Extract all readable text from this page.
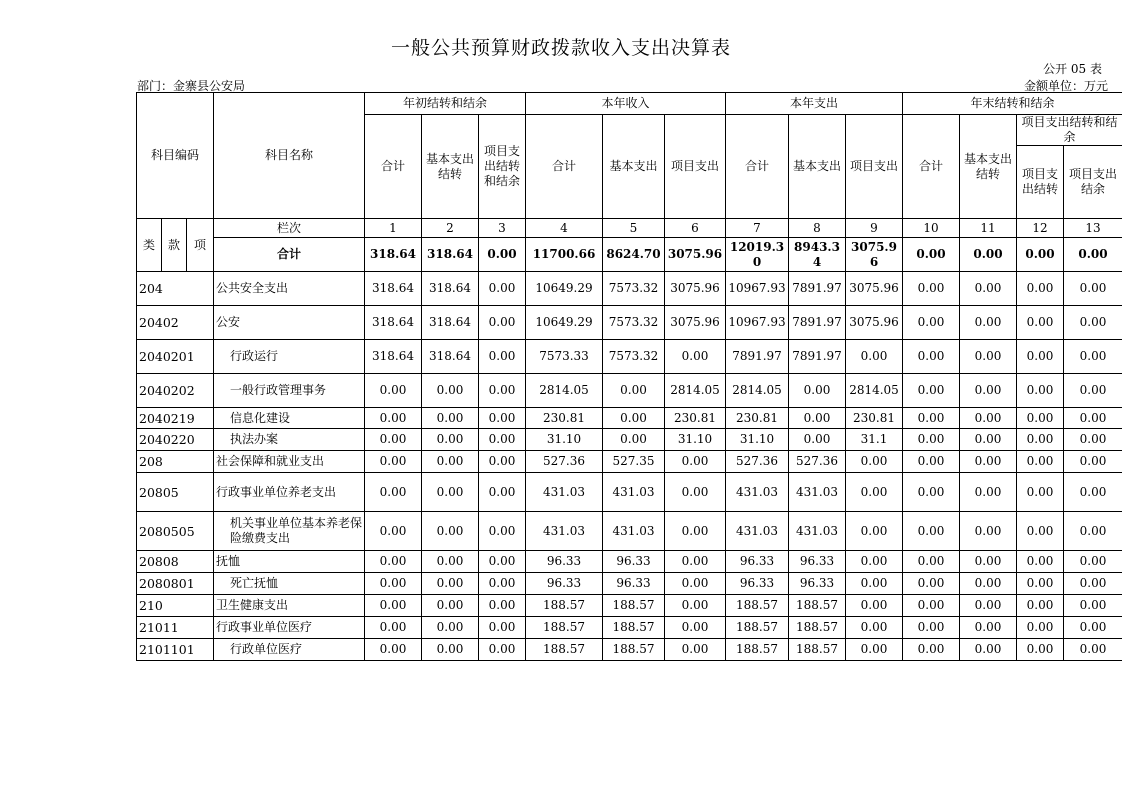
一般公共预算财政拨款收入支出决算表
公开 05 表
部门：金寨县公安局	金额单位：万元
科目编码			科目名称	年初结转和结余			本年收入			本年支出			年末结转和结余			
				合计	基本支出结转	项目支出结转和结余	合计	基本支出	项目支出	合计	基本支出	项目支出	合计	基本支出结转	项目支出结转和结余	
															项目支出结转	项目支出结余
类	款	项	栏次	1	2	3	4	5	6	7	8	9	10	11	12	13
			合计	318.64	318.64	0.00	11700.66	8624.70	3075.96	12019.30	8943.34	3075.96	0.00	0.00	0.00	0.00
204			公共安全支出	318.64	318.64	0.00	10649.29	7573.32	3075.96	10967.93	7891.97	3075.96	0.00	0.00	0.00	0.00
20402			公安	318.64	318.64	0.00	10649.29	7573.32	3075.96	10967.93	7891.97	3075.96	0.00	0.00	0.00	0.00
2040201			行政运行	318.64	318.64	0.00	7573.33	7573.32	0.00	7891.97	7891.97	0.00	0.00	0.00	0.00	0.00
2040202			一般行政管理事务	0.00	0.00	0.00	2814.05	0.00	2814.05	2814.05	0.00	2814.05	0.00	0.00	0.00	0.00
2040219			信息化建设	0.00	0.00	0.00	230.81	0.00	230.81	230.81	0.00	230.81	0.00	0.00	0.00	0.00
2040220			执法办案	0.00	0.00	0.00	31.10	0.00	31.10	31.10	0.00	31.1	0.00	0.00	0.00	0.00
208			社会保障和就业支出	0.00	0.00	0.00	527.36	527.35	0.00	527.36	527.36	0.00	0.00	0.00	0.00	0.00
20805			行政事业单位养老支出	0.00	0.00	0.00	431.03	431.03	0.00	431.03	431.03	0.00	0.00	0.00	0.00	0.00
2080505			机关事业单位基本养老保险缴费支出	0.00	0.00	0.00	431.03	431.03	0.00	431.03	431.03	0.00	0.00	0.00	0.00	0.00
20808			抚恤	0.00	0.00	0.00	96.33	96.33	0.00	96.33	96.33	0.00	0.00	0.00	0.00	0.00
2080801			死亡抚恤	0.00	0.00	0.00	96.33	96.33	0.00	96.33	96.33	0.00	0.00	0.00	0.00	0.00
210			卫生健康支出	0.00	0.00	0.00	188.57	188.57	0.00	188.57	188.57	0.00	0.00	0.00	0.00	0.00
21011			行政事业单位医疗	0.00	0.00	0.00	188.57	188.57	0.00	188.57	188.57	0.00	0.00	0.00	0.00	0.00
2101101			行政单位医疗	0.00	0.00	0.00	188.57	188.57	0.00	188.57	188.57	0.00	0.00	0.00	0.00	0.00
